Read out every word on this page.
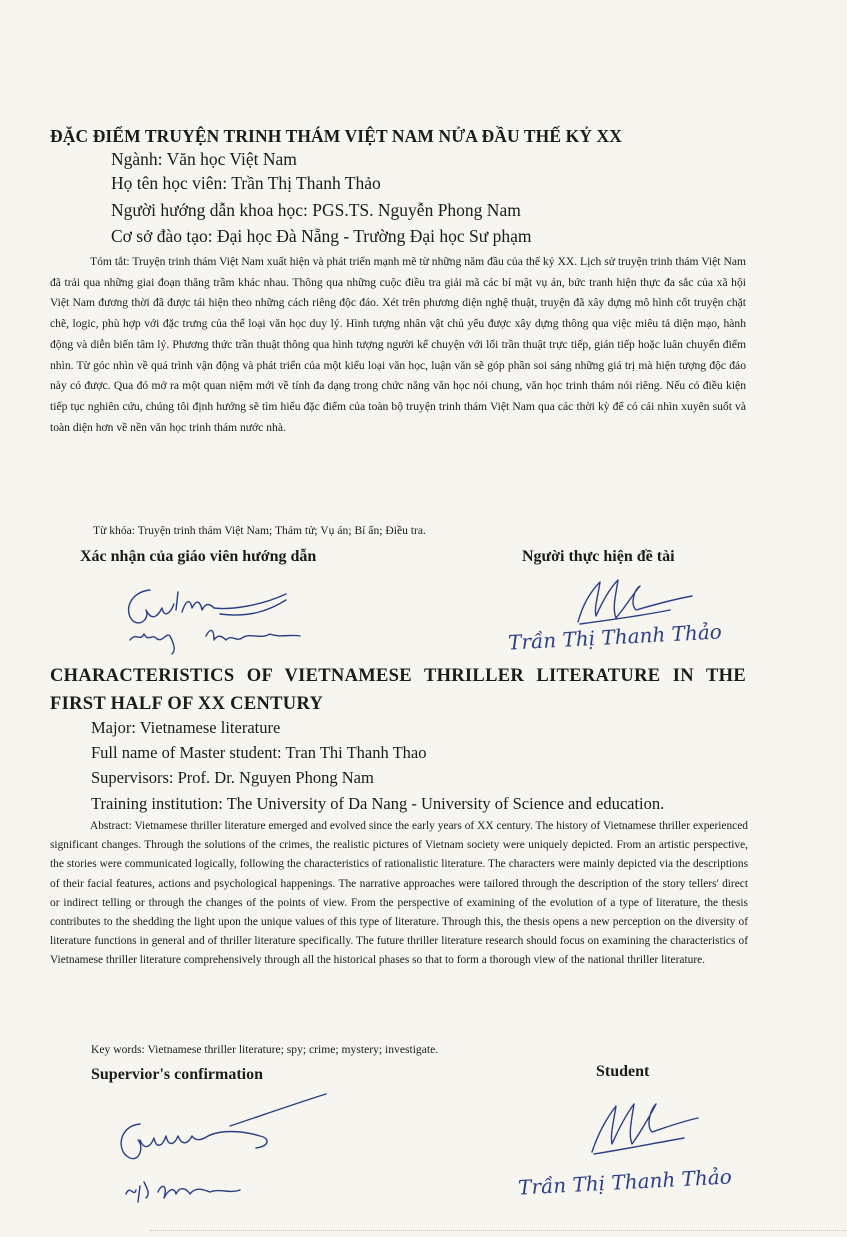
ĐẶC ĐIỂM TRUYỆN TRINH THÁM VIỆT NAM NỬA ĐẦU THẾ KỶ XX
Ngành: Văn học Việt Nam
Họ tên học viên: Trần Thị Thanh Thảo
Người hướng dẫn khoa học: PGS.TS. Nguyễn Phong Nam
Cơ sở đào tạo: Đại học Đà Nẵng - Trường Đại học Sư phạm

Tóm tắt: Truyện trinh thám Việt Nam xuất hiện và phát triển mạnh mẽ từ những năm đầu của thế kỷ XX. Lịch sử truyện trinh thám Việt Nam đã trải qua những giai đoạn thăng trầm khác nhau. Thông qua những cuộc điều tra giải mã các bí mật vụ án, bức tranh hiện thực đa sắc của xã hội Việt Nam đương thời đã được tái hiện theo những cách riêng độc đáo. Xét trên phương diện nghệ thuật, truyện đã xây dựng mô hình cốt truyện chặt chẽ, logic, phù hợp với đặc trưng của thể loại văn học duy lý. Hình tượng nhân vật chủ yếu được xây dựng thông qua việc miêu tả diện mạo, hành động và diễn biến tâm lý. Phương thức trần thuật thông qua hình tượng người kể chuyện với lối trần thuật trực tiếp, gián tiếp hoặc luân chuyển điểm nhìn. Từ góc nhìn về quá trình vận động và phát triển của một kiểu loại văn học, luận văn sẽ góp phần soi sáng những giá trị mà hiện tượng độc đáo này có được. Qua đó mở ra một quan niệm mới về tính đa dạng trong chức năng văn học nói chung, văn học trinh thám nói riêng. Nếu có điều kiện tiếp tục nghiên cứu, chúng tôi định hướng sẽ tìm hiểu đặc điểm của toàn bộ truyện trinh thám Việt Nam qua các thời kỳ để có cái nhìn xuyên suốt và toàn diện hơn về nền văn học trinh thám nước nhà.

Từ khóa: Truyện trinh thám Việt Nam; Thám tử; Vụ án; Bí ẩn; Điều tra.
Xác nhận của giáo viên hướng dẫn	Người thực hiện đề tài
Trần Thị Thanh Thảo

CHARACTERISTICS OF VIETNAMESE THRILLER LITERATURE IN THE FIRST HALF OF XX CENTURY

Major: Vietnamese literature
Full name of Master student: Tran Thi Thanh Thao
Supervisors: Prof. Dr. Nguyen Phong Nam
Training institution: The University of Da Nang - University of Science and education.

Abstract: Vietnamese thriller literature emerged and evolved since the early years of XX century. The history of Vietnamese thriller experienced significant changes. Through the solutions of the crimes, the realistic pictures of Vietnam society were uniquely depicted. From an artistic perspective, the stories were communicated logically, following the characteristics of rationalistic literature. The characters were mainly depicted via the descriptions of their facial features, actions and psychological happenings. The narrative approaches were tailored through the description of the story tellers' direct or indirect telling or through the changes of the points of view. From the perspective of examining of the evolution of a type of literature, the thesis contributes to the shedding the light upon the unique values of this type of literature. Through this, the thesis opens a new perception on the diversity of literature functions in general and of thriller literature specifically. The future thriller literature research should focus on examining the characteristics of Vietnamese thriller literature comprehensively through all the historical phases so that to form a thorough view of the national thriller literature.

Key words: Vietnamese thriller literature; spy; crime; mystery; investigate.
Supervior's confirmation	Student
Trần Thị Thanh Thảo
